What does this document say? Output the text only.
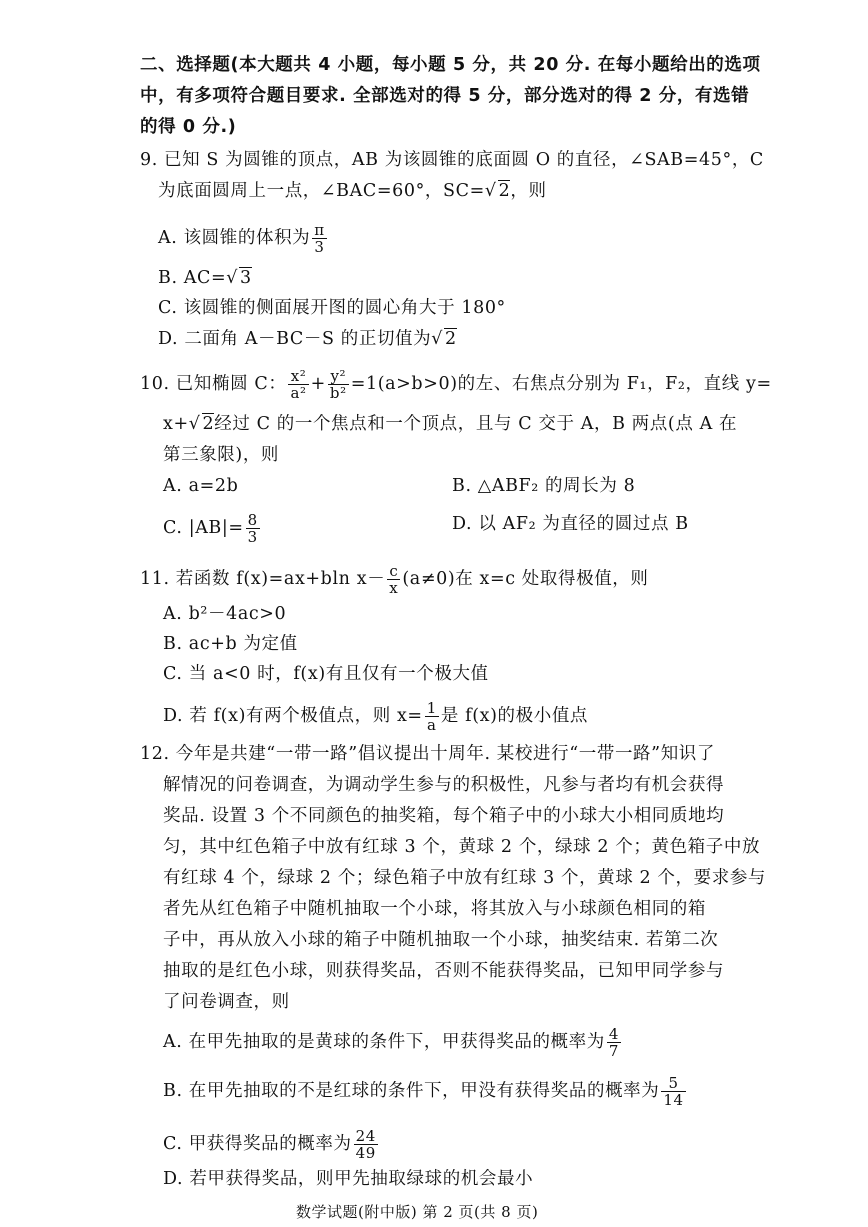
二、选择题(本大题共 4 小题，每小题 5 分，共 20 分. 在每小题给出的选项
中，有多项符合题目要求. 全部选对的得 5 分，部分选对的得 2 分，有选错
的得 0 分.)
9. 已知 S 为圆锥的顶点，AB 为该圆锥的底面圆 O 的直径，∠SAB=45°，C
为底面圆周上一点，∠BAC=60°，SC=√ 2，则
A. 该圆锥的体积为 $\frac{\pi}{3}$
B. AC=√ 3
C. 该圆锥的侧面展开图的圆心角大于 180°
D. 二面角 A－BC－S 的正切值为√ 2
10. 已知椭圆 C： $\frac{\text{x²}}{\text{a²}} + \frac{\text{y²}}{\text{b²}} =1(a>b>0)$的左、右焦点分别为 F₁，F₂，直线 y=
x+√ 2经过 C 的一个焦点和一个顶点，且与 C 交于 A，B 两点(点 A 在
第三象限)，则
A. a=2b	B. △ABF₂ 的周长为 8
C. $|AB|= \frac{8}{3}$	D. 以 AF₂ 为直径的圆过点 B
11. 若函数 f(x)=ax+bln $x- \frac{c}{x} (a\ne 0)$在 x=c 处取得极值，则
A. b²－4ac>0
B. ac+b 为定值
C. 当 a<0 时，f(x)有且仅有一个极大值
D. 若 f(x)有两个极值点，则 $x= \frac{1}{a}$ 是 f(x)的极小值点
12. 今年是共建“一带一路”倡议提出十周年. 某校进行“一带一路”知识了
解情况的问卷调查，为调动学生参与的积极性，凡参与者均有机会获得
奖品. 设置 3 个不同颜色的抽奖箱，每个箱子中的小球大小相同质地均
匀，其中红色箱子中放有红球 3 个，黄球 2 个，绿球 2 个；黄色箱子中放
有红球 4 个，绿球 2 个；绿色箱子中放有红球 3 个，黄球 2 个，要求参与
者先从红色箱子中随机抽取一个小球，将其放入与小球颜色相同的箱
子中，再从放入小球的箱子中随机抽取一个小球，抽奖结束. 若第二次
抽取的是红色小球，则获得奖品，否则不能获得奖品，已知甲同学参与
了问卷调查，则
A. 在甲先抽取的是黄球的条件下，甲获得奖品的概率为 $\frac{4}{7}$
B. 在甲先抽取的不是红球的条件下，甲没有获得奖品的概率为 $\frac{5}{14}$
C. 甲获得奖品的概率为 $\frac{24}{49}$
D. 若甲获得奖品，则甲先抽取绿球的机会最小
数学试题(附中版) 第 2 页(共 8 页)
